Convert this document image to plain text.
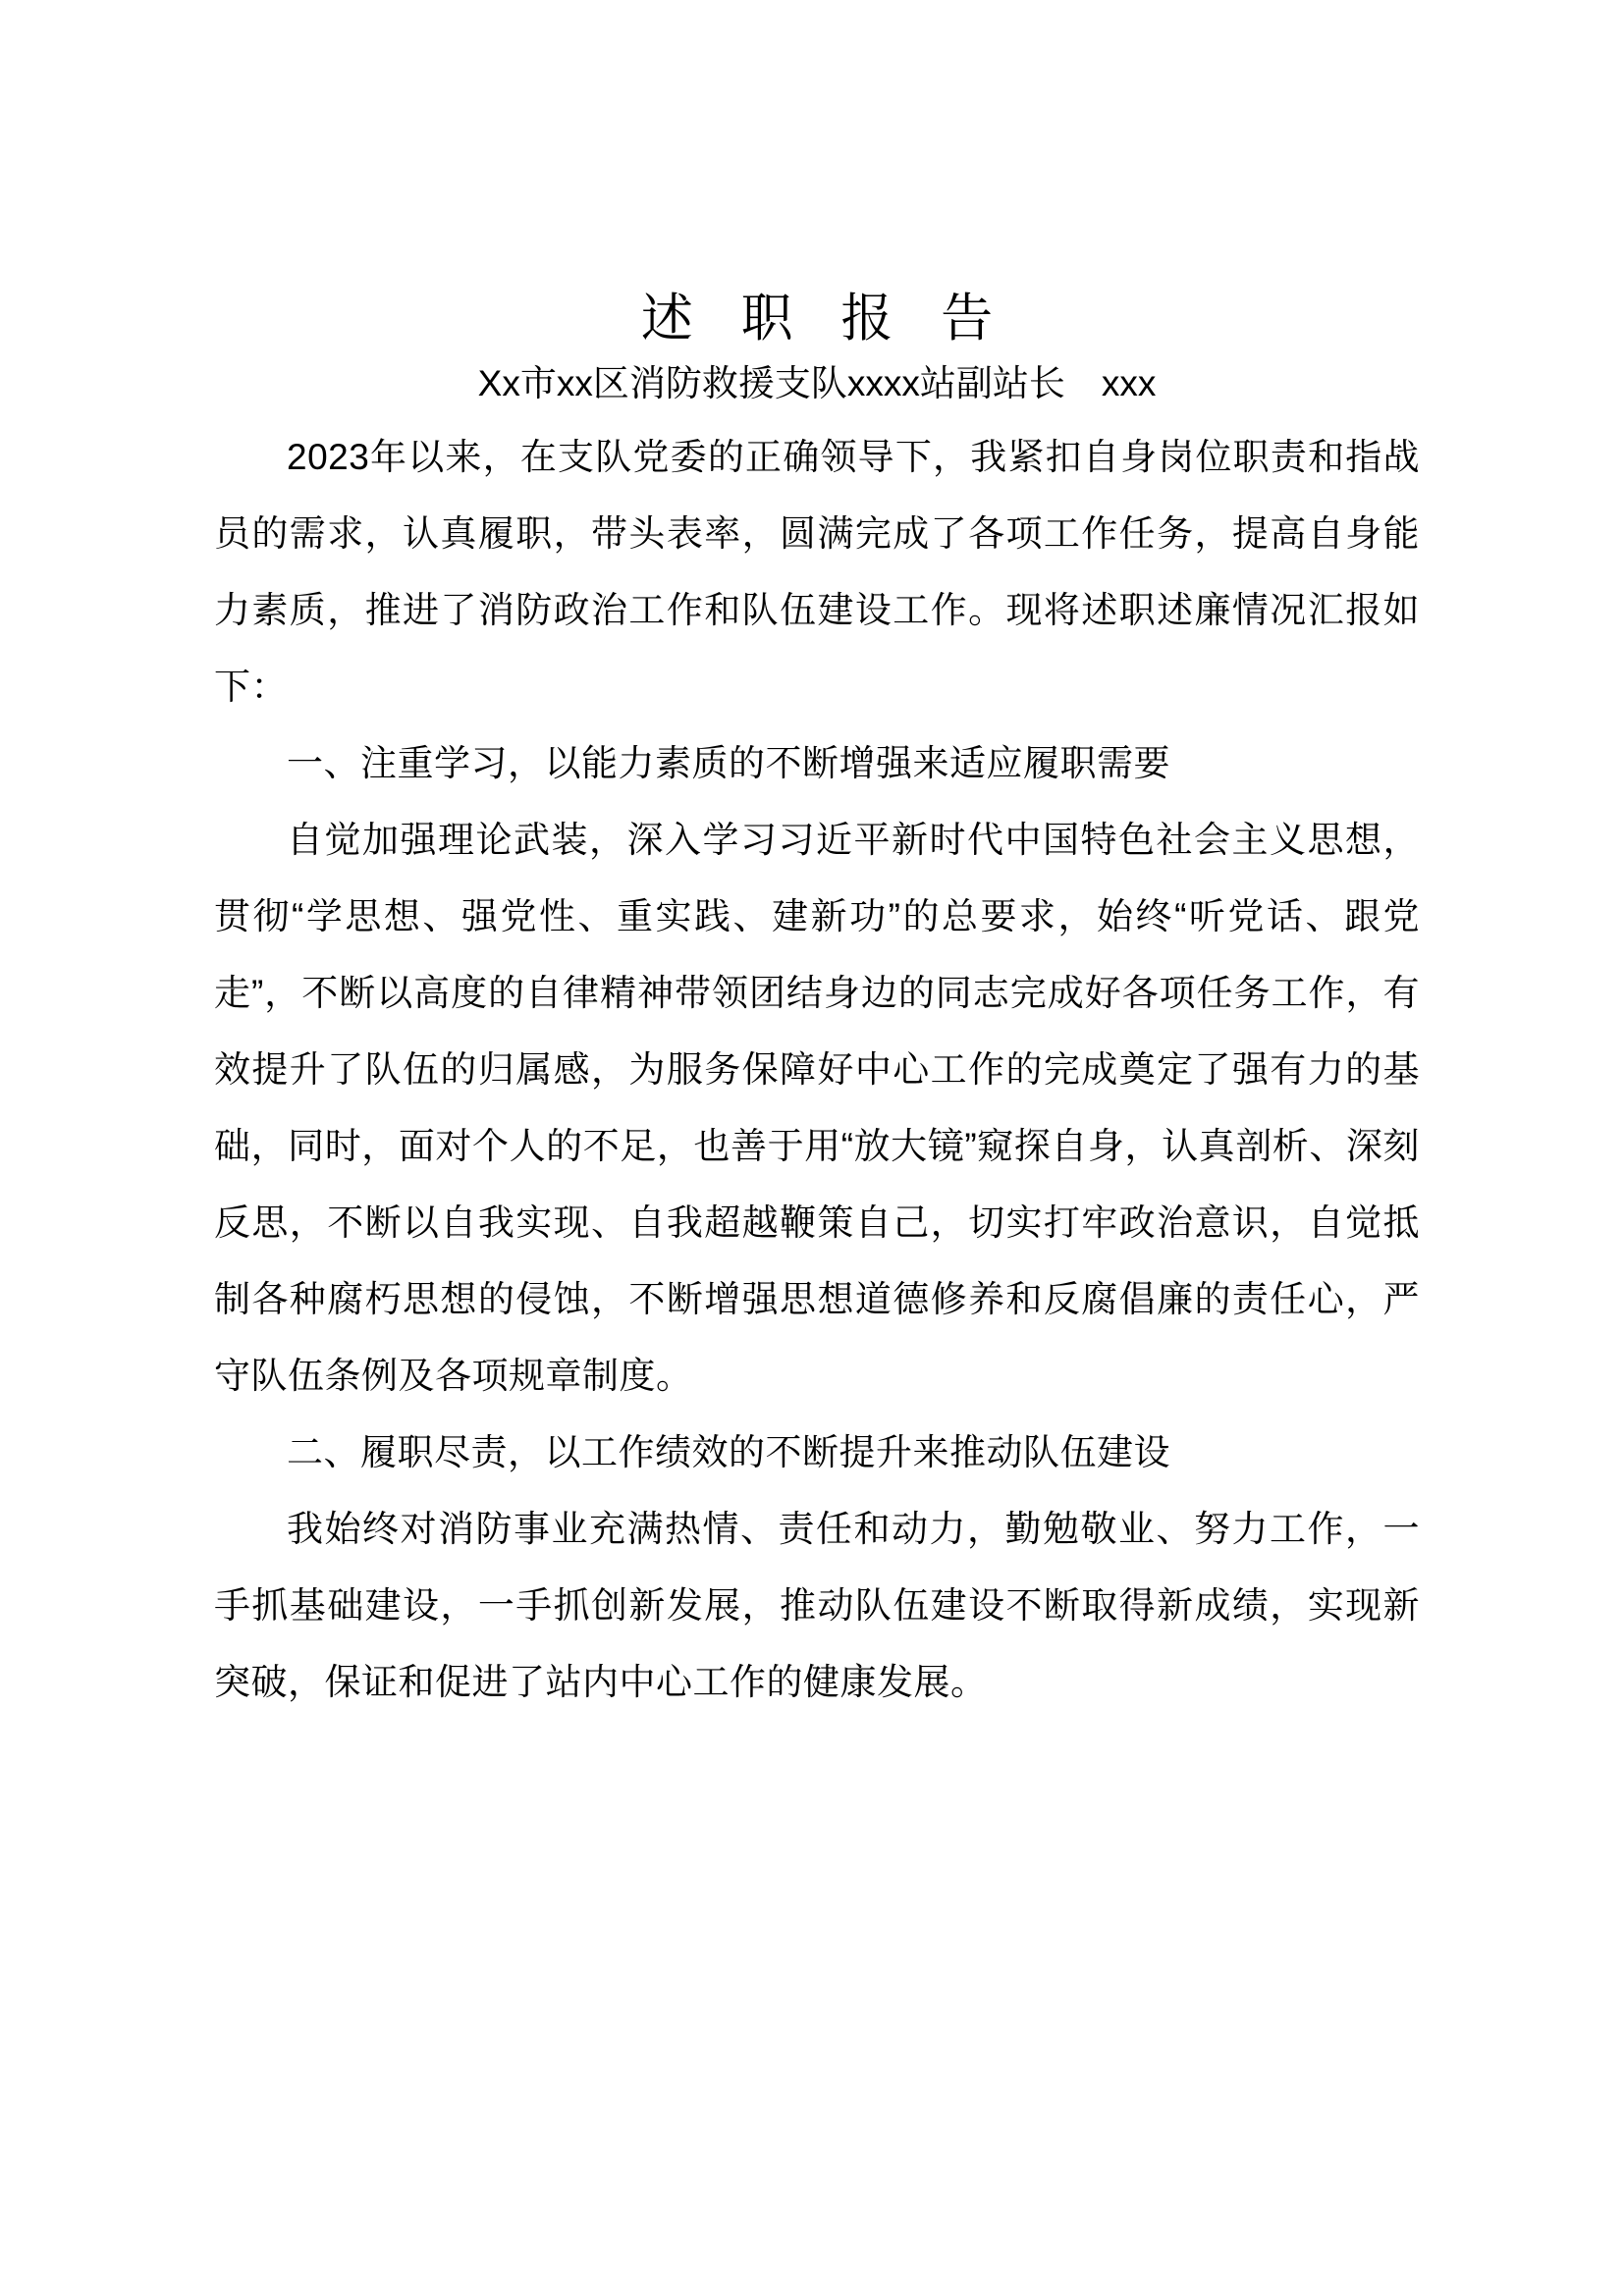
述 职 报 告
Xx市xx区消防救援支队xxxx站副站长　xxx

2023年以来，在支队党委的正确领导下，我紧扣自身岗位职责和指战员的需求，认真履职，带头表率，圆满完成了各项工作任务，提高自身能力素质，推进了消防政治工作和队伍建设工作。现将述职述廉情况汇报如下：

一、注重学习，以能力素质的不断增强来适应履职需要

自觉加强理论武装，深入学习习近平新时代中国特色社会主义思想，贯彻“学思想、强党性、重实践、建新功”的总要求，始终“听党话、跟党走”，不断以高度的自律精神带领团结身边的同志完成好各项任务工作，有效提升了队伍的归属感，为服务保障好中心工作的完成奠定了强有力的基础，同时，面对个人的不足，也善于用“放大镜”窥探自身，认真剖析、深刻反思，不断以自我实现、自我超越鞭策自己，切实打牢政治意识，自觉抵制各种腐朽思想的侵蚀，不断增强思想道德修养和反腐倡廉的责任心，严守队伍条例及各项规章制度。

二、履职尽责，以工作绩效的不断提升来推动队伍建设

我始终对消防事业充满热情、责任和动力，勤勉敬业、努力工作，一手抓基础建设，一手抓创新发展，推动队伍建设不断取得新成绩，实现新突破，保证和促进了站内中心工作的健康发展。
